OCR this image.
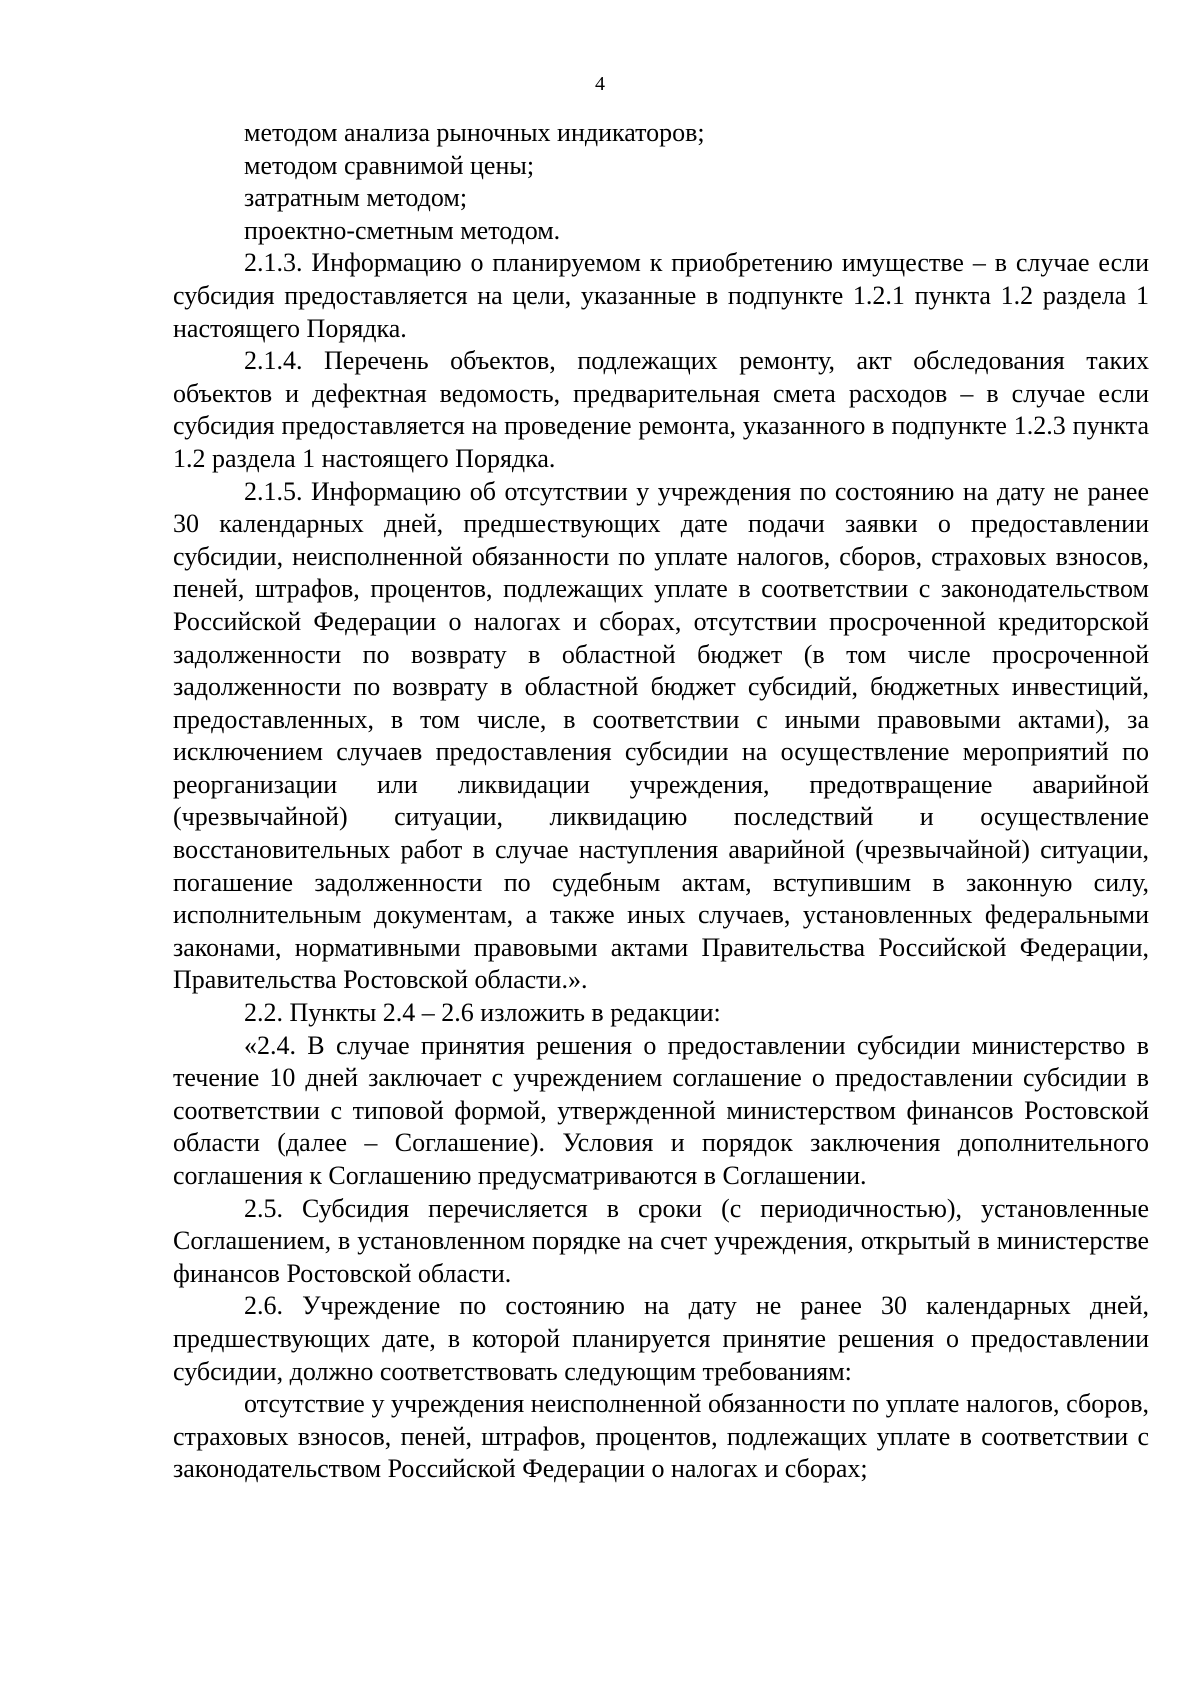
4

методом анализа рыночных индикаторов;

методом сравнимой цены;

затратным методом;

проектно-сметным методом.

2.1.3. Информацию о планируемом к приобретению имуществе – в случае если субсидия предоставляется на цели, указанные в подпункте 1.2.1 пункта 1.2 раздела 1 настоящего Порядка.

2.1.4. Перечень объектов, подлежащих ремонту, акт обследования таких объектов и дефектная ведомость, предварительная смета расходов – в случае если субсидия предоставляется на проведение ремонта, указанного в подпункте 1.2.3 пункта 1.2 раздела 1 настоящего Порядка.

2.1.5. Информацию об отсутствии у учреждения по состоянию на дату не ранее 30 календарных дней, предшествующих дате подачи заявки о предоставлении субсидии, неисполненной обязанности по уплате налогов, сборов, страховых взносов, пеней, штрафов, процентов, подлежащих уплате в соответствии с законодательством Российской Федерации о налогах и сборах, отсутствии просроченной кредиторской задолженности по возврату в областной бюджет (в том числе просроченной задолженности по возврату в областной бюджет субсидий, бюджетных инвестиций, предоставленных, в том числе, в соответствии с иными правовыми актами), за исключением случаев предоставления субсидии на осуществление мероприятий по реорганизации или ликвидации учреждения, предотвращение аварийной (чрезвычайной) ситуации, ликвидацию последствий и осуществление восстановительных работ в случае наступления аварийной (чрезвычайной) ситуации, погашение задолженности по судебным актам, вступившим в законную силу, исполнительным документам, а также иных случаев, установленных федеральными законами, нормативными правовыми актами Правительства Российской Федерации, Правительства Ростовской области.».

2.2. Пункты 2.4 – 2.6 изложить в редакции:

«2.4. В случае принятия решения о предоставлении субсидии министерство в течение 10 дней заключает с учреждением соглашение о предоставлении субсидии в соответствии с типовой формой, утвержденной министерством финансов Ростовской области (далее – Соглашение). Условия и порядок заключения дополнительного соглашения к Соглашению предусматриваются в Соглашении.

2.5. Субсидия перечисляется в сроки (с периодичностью), установленные Соглашением, в установленном порядке на счет учреждения, открытый в министерстве финансов Ростовской области.

2.6. Учреждение по состоянию на дату не ранее 30 календарных дней, предшествующих дате, в которой планируется принятие решения о предоставлении субсидии, должно соответствовать следующим требованиям:

отсутствие у учреждения неисполненной обязанности по уплате налогов, сборов, страховых взносов, пеней, штрафов, процентов, подлежащих уплате в соответствии с законодательством Российской Федерации о налогах и сборах;
